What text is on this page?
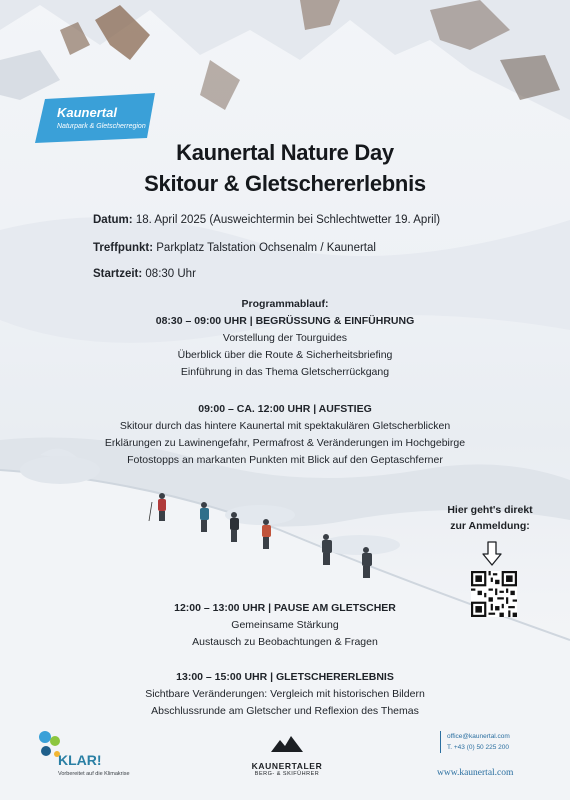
Kaunertal
Naturpark & Gletscherregion
Kaunertal Nature Day
Skitour & Gletschererlebnis
Datum: 18. April 2025 (Ausweichtermin bei Schlechtwetter 19. April)
Treffpunkt: Parkplatz Talstation Ochsenalm / Kaunertal
Startzeit: 08:30 Uhr
Programmablauf:
08:30 – 09:00 UHR | BEGRÜSSUNG & EINFÜHRUNG
Vorstellung der Tourguides
Überblick über die Route & Sicherheitsbriefing
Einführung in das Thema Gletscherrückgang
09:00 – CA. 12:00 UHR | AUFSTIEG
Skitour durch das hintere Kaunertal mit spektakulären Gletscherblicken
Erklärungen zu Lawinengefahr, Permafrost & Veränderungen im Hochgebirge
Fotostopps an markanten Punkten mit Blick auf den Geptaschferner
12:00 – 13:00 UHR | PAUSE AM GLETSCHER
Gemeinsame Stärkung
Austausch zu Beobachtungen & Fragen
13:00 – 15:00 UHR | GLETSCHERERLEBNIS
Sichtbare Veränderungen: Vergleich mit historischen Bildern
Abschlussrunde am Gletscher und Reflexion des Themas
Hier geht's direkt
zur Anmeldung:
KLAR!
Vorbereitet auf die Klimakrise
KAUNERTALER
BERG- & SKIFÜHRER
office@kaunertal.com
T. +43 (0) 50 225 200
www.kaunertal.com
